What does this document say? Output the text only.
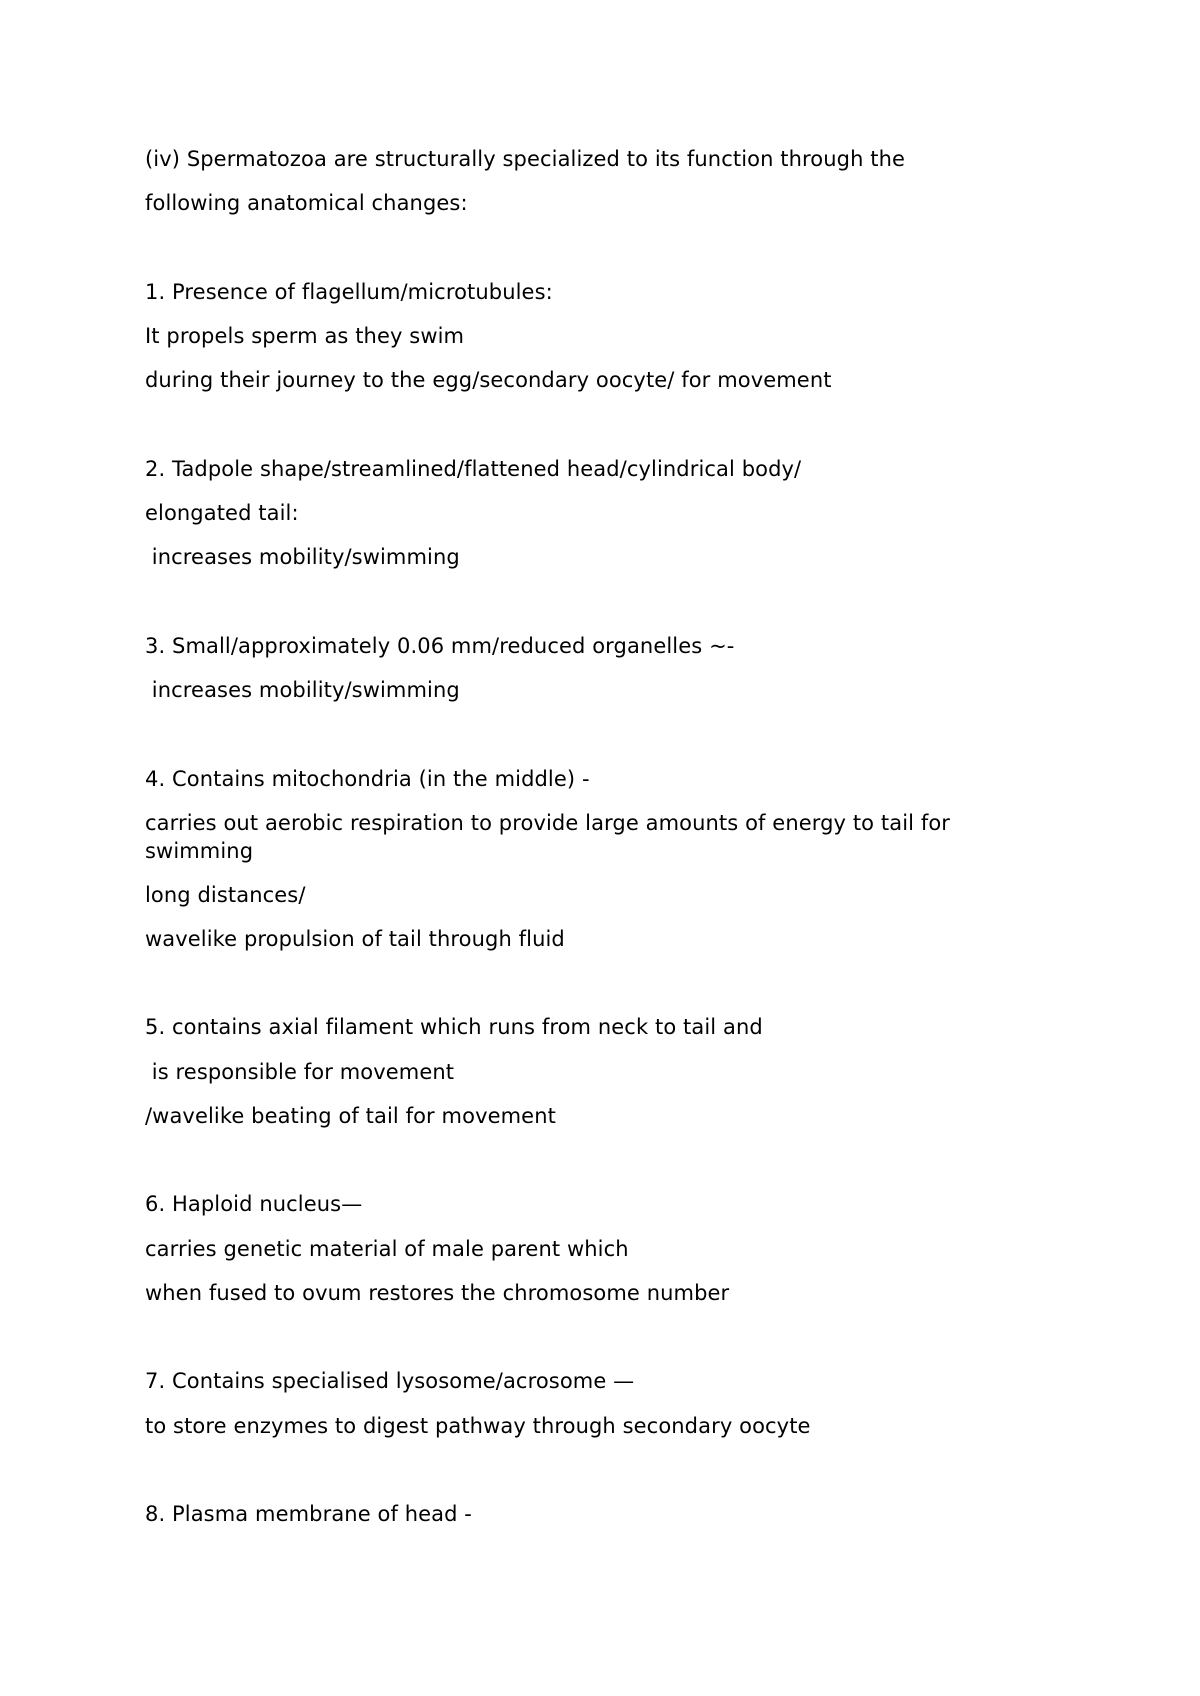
(iv) Spermatozoa are structurally specialized to its function through the
following anatomical changes:
1. Presence of flagellum/microtubules:
It propels sperm as they swim
during their journey to the egg/secondary oocyte/ for movement
2. Tadpole shape/streamlined/flattened head/cylindrical body/
elongated tail:
increases mobility/swimming
3. Small/approximately 0.06 mm/reduced organelles ~-
increases mobility/swimming
4. Contains mitochondria (in the middle) -
carries out aerobic respiration to provide large amounts of energy to tail for swimming
long distances/
wavelike propulsion of tail through fluid
5. contains axial filament which runs from neck to tail and
is responsible for movement
/wavelike beating of tail for movement
6. Haploid nucleus—
carries genetic material of male parent which
when fused to ovum restores the chromosome number
7. Contains specialised lysosome/acrosome —
to store enzymes to digest pathway through secondary oocyte
8. Plasma membrane of head -
